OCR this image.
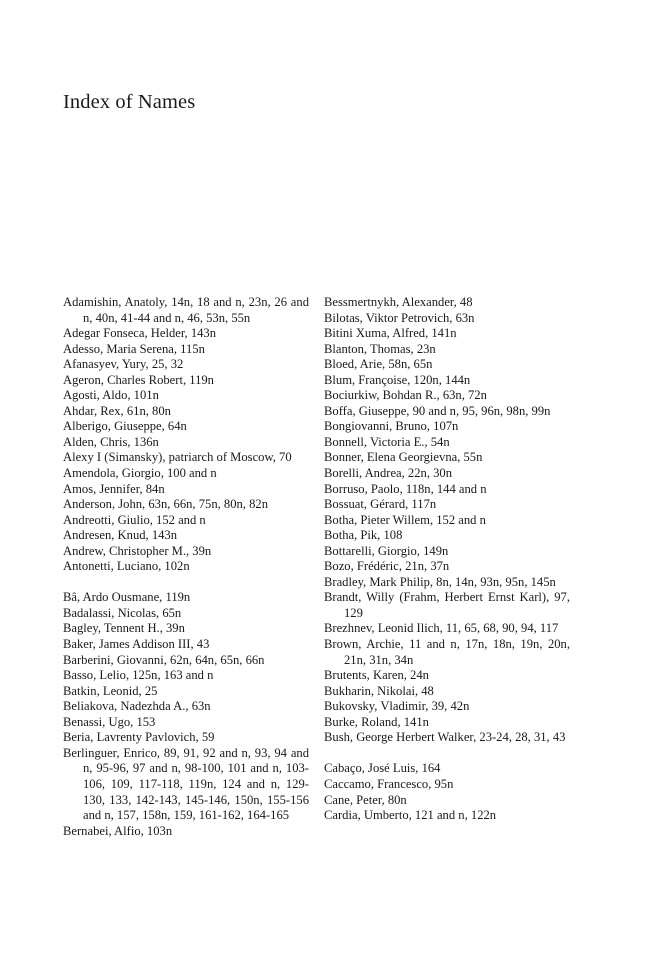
Index of Names

Adamishin, Anatoly, 14n, 18 and n, 23n, 26 and n, 40n, 41-44 and n, 46, 53n, 55n

Adegar Fonseca, Helder, 143n

Adesso, Maria Serena, 115n

Afanasyev, Yury, 25, 32

Ageron, Charles Robert, 119n

Agosti, Aldo, 101n

Ahdar, Rex, 61n, 80n

Alberigo, Giuseppe, 64n

Alden, Chris, 136n

Alexy I (Simansky), patriarch of Moscow, 70

Amendola, Giorgio, 100 and n

Amos, Jennifer, 84n

Anderson, John, 63n, 66n, 75n, 80n, 82n

Andreotti, Giulio, 152 and n

Andresen, Knud, 143n

Andrew, Christopher M., 39n

Antonetti, Luciano, 102n

Bâ, Ardo Ousmane, 119n

Badalassi, Nicolas, 65n

Bagley, Tennent H., 39n

Baker, James Addison III, 43

Barberini, Giovanni, 62n, 64n, 65n, 66n

Basso, Lelio, 125n, 163 and n

Batkin, Leonid, 25

Beliakova, Nadezhda A., 63n

Benassi, Ugo, 153

Beria, Lavrenty Pavlovich, 59

Berlinguer, Enrico, 89, 91, 92 and n, 93, 94 and n, 95-96, 97 and n, 98-100, 101 and n, 103-106, 109, 117-118, 119n, 124 and n, 129-130, 133, 142-143, 145-146, 150n, 155-156 and n, 157, 158n, 159, 161-162, 164-165

Bernabei, Alfio, 103n

Bessmertnykh, Alexander, 48

Bilotas, Viktor Petrovich, 63n

Bitini Xuma, Alfred, 141n

Blanton, Thomas, 23n

Bloed, Arie, 58n, 65n

Blum, Françoise, 120n, 144n

Bociurkiw, Bohdan R., 63n, 72n

Boffa, Giuseppe, 90 and n, 95, 96n, 98n, 99n

Bongiovanni, Bruno, 107n

Bonnell, Victoria E., 54n

Bonner, Elena Georgievna, 55n

Borelli, Andrea, 22n, 30n

Borruso, Paolo, 118n, 144 and n

Bossuat, Gérard, 117n

Botha, Pieter Willem, 152 and n

Botha, Pik, 108

Bottarelli, Giorgio, 149n

Bozo, Frédéric, 21n, 37n

Bradley, Mark Philip, 8n, 14n, 93n, 95n, 145n

Brandt, Willy (Frahm, Herbert Ernst Karl), 97, 129

Brezhnev, Leonid Ilich, 11, 65, 68, 90, 94, 117

Brown, Archie, 11 and n, 17n, 18n, 19n, 20n, 21n, 31n, 34n

Brutents, Karen, 24n

Bukharin, Nikolai, 48

Bukovsky, Vladimir, 39, 42n

Burke, Roland, 141n

Bush, George Herbert Walker, 23-24, 28, 31, 43

Cabaço, José Luis, 164

Caccamo, Francesco, 95n

Cane, Peter, 80n

Cardia, Umberto, 121 and n, 122n
